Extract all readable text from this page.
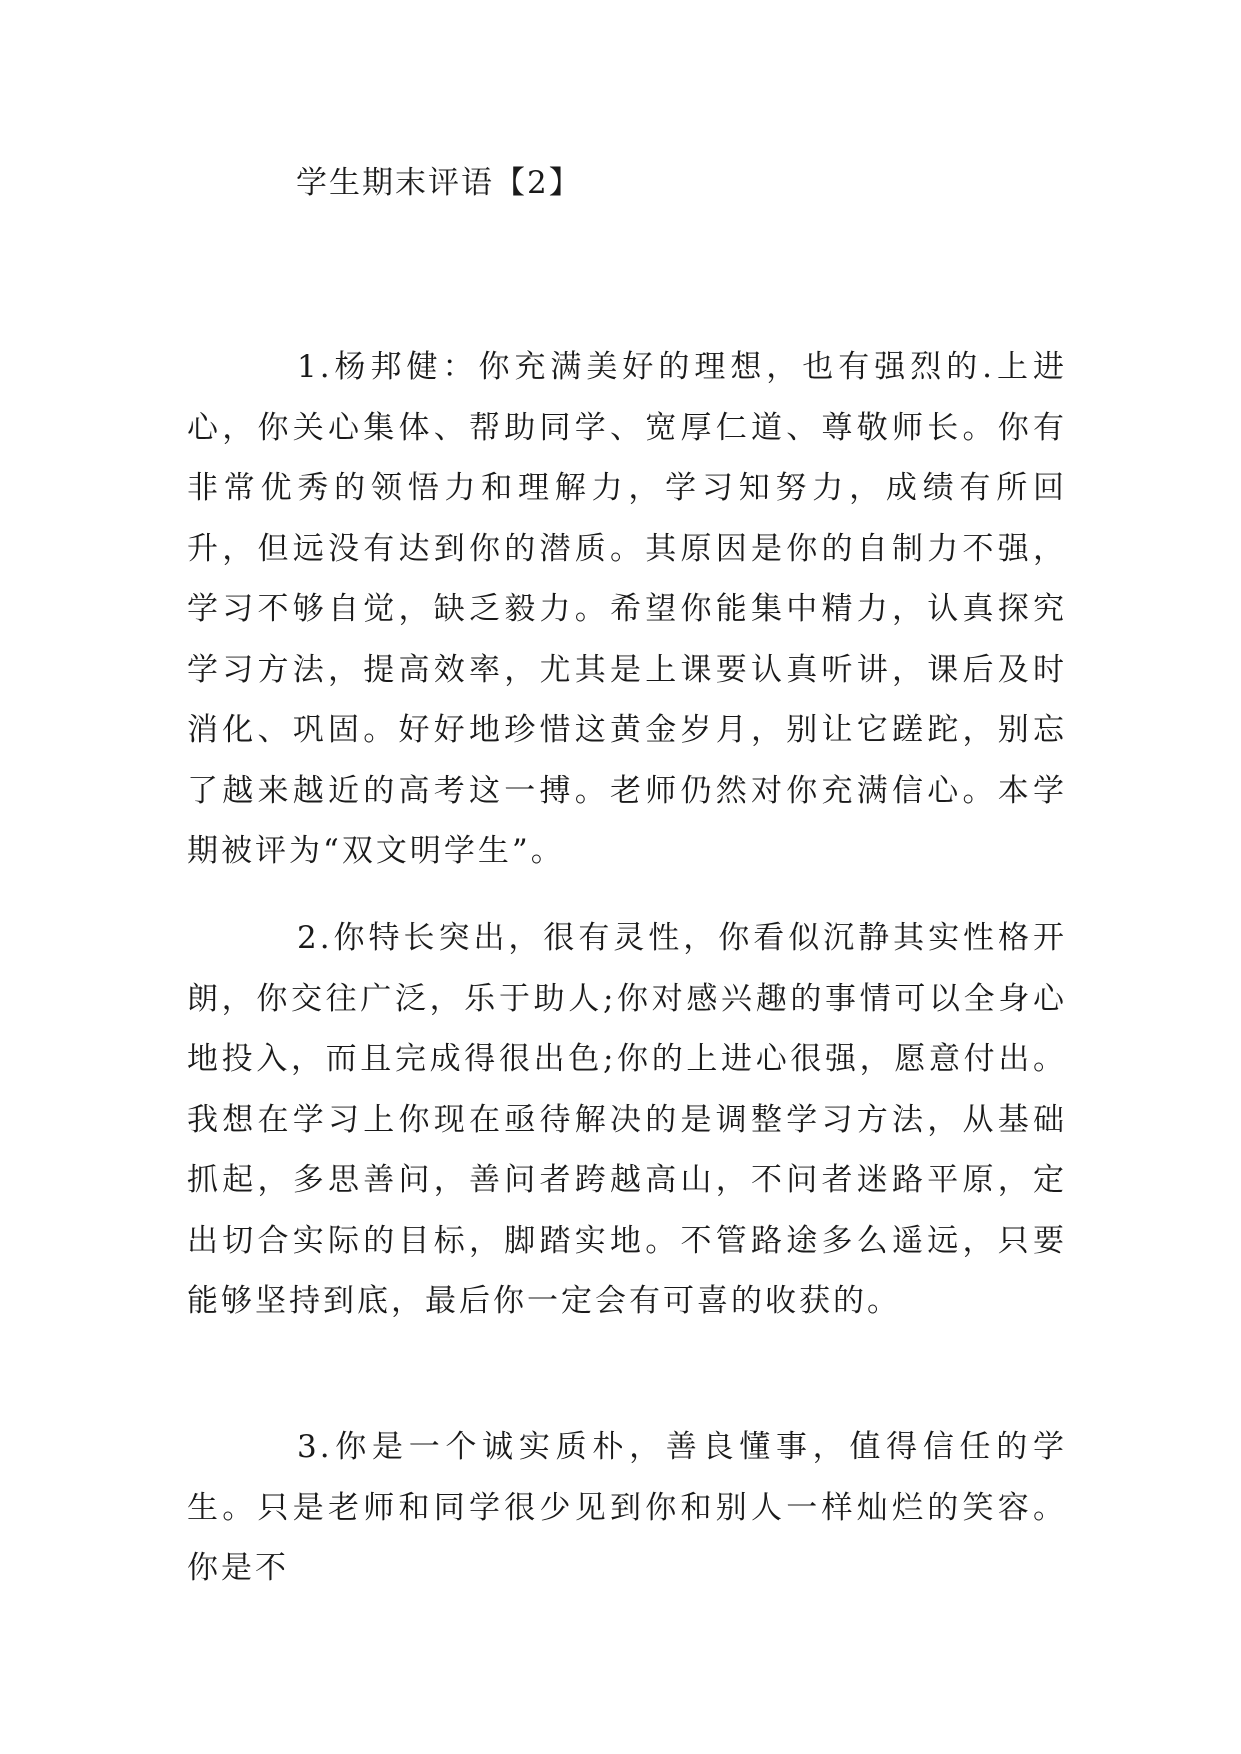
学生期末评语【2】

1.杨邦健：你充满美好的理想，也有强烈的.上进心，你关心集体、帮助同学、宽厚仁道、尊敬师长。你有非常优秀的领悟力和理解力，学习知努力，成绩有所回升，但远没有达到你的潜质。其原因是你的自制力不强，学习不够自觉，缺乏毅力。希望你能集中精力，认真探究学习方法，提高效率，尤其是上课要认真听讲，课后及时消化、巩固。好好地珍惜这黄金岁月，别让它蹉跎，别忘了越来越近的高考这一搏。老师仍然对你充满信心。本学期被评为“双文明学生”。

2.你特长突出，很有灵性，你看似沉静其实性格开朗，你交往广泛，乐于助人;你对感兴趣的事情可以全身心地投入，而且完成得很出色;你的上进心很强，愿意付出。我想在学习上你现在亟待解决的是调整学习方法，从基础抓起，多思善问，善问者跨越高山，不问者迷路平原，定出切合实际的目标，脚踏实地。不管路途多么遥远，只要能够坚持到底，最后你一定会有可喜的收获的。

3.你是一个诚实质朴，善良懂事，值得信任的学生。只是老师和同学很少见到你和别人一样灿烂的笑容。你是不
